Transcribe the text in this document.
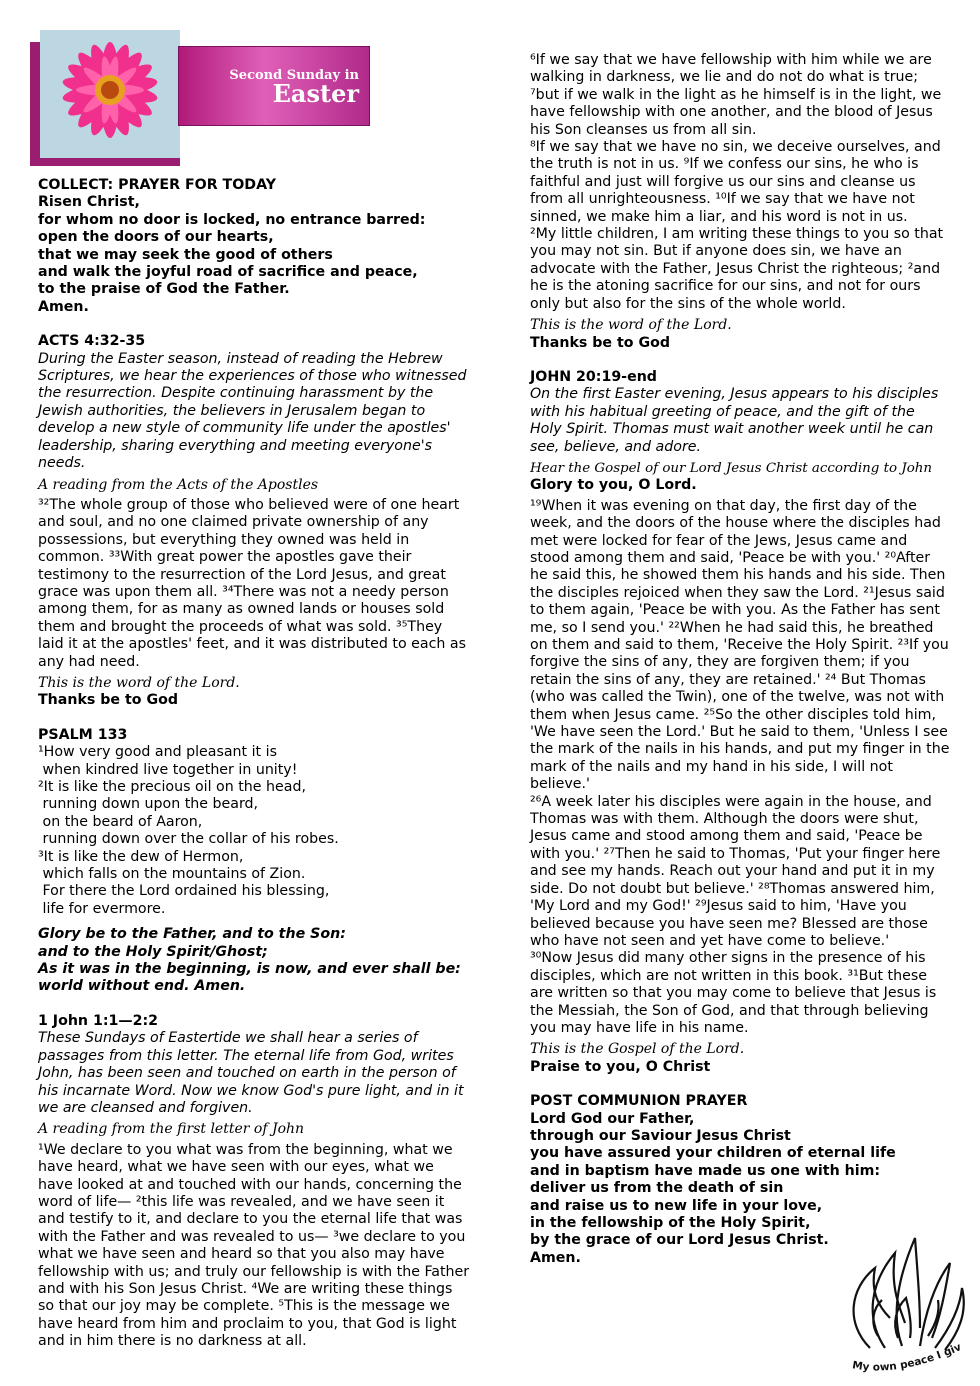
Second Sunday in
Easter
COLLECT: PRAYER FOR TODAY
Risen Christ,
for whom no door is locked, no entrance barred:
open the doors of our hearts,
that we may seek the good of others
and walk the joyful road of sacrifice and peace,
to the praise of God the Father.
Amen.
ACTS 4:32-35
During the Easter season, instead of reading the Hebrew Scriptures, we hear the experiences of those who witnessed the resurrection. Despite continuing harassment by the Jewish authorities, the believers in Jerusalem began to develop a new style of community life under the apostles' leadership, sharing everything and meeting everyone's needs.
A reading from the Acts of the Apostles
³²The whole group of those who believed were of one heart and soul, and no one claimed private ownership of any possessions, but everything they owned was held in common. ³³With great power the apostles gave their testimony to the resurrection of the Lord Jesus, and great grace was upon them all. ³⁴There was not a needy person among them, for as many as owned lands or houses sold them and brought the proceeds of what was sold. ³⁵They laid it at the apostles' feet, and it was distributed to each as any had need.
This is the word of the Lord.
Thanks be to God
PSALM 133
¹How very good and pleasant it is
when kindred live together in unity!
²It is like the precious oil on the head,
running down upon the beard,
on the beard of Aaron,
running down over the collar of his robes.
³It is like the dew of Hermon,
which falls on the mountains of Zion.
For there the Lord ordained his blessing,
life for evermore.
Glory be to the Father, and to the Son:
and to the Holy Spirit/Ghost;
As it was in the beginning, is now, and ever shall be:
world without end. Amen.
1 John 1:1—2:2
These Sundays of Eastertide we shall hear a series of passages from this letter. The eternal life from God, writes John, has been seen and touched on earth in the person of his incarnate Word. Now we know God's pure light, and in it we are cleansed and forgiven.
A reading from the first letter of John
¹We declare to you what was from the beginning, what we have heard, what we have seen with our eyes, what we have looked at and touched with our hands, concerning the word of life— ²this life was revealed, and we have seen it and testify to it, and declare to you the eternal life that was with the Father and was revealed to us— ³we declare to you what we have seen and heard so that you also may have fellowship with us; and truly our fellowship is with the Father and with his Son Jesus Christ. ⁴We are writing these things so that our joy may be complete. ⁵This is the message we have heard from him and proclaim to you, that God is light and in him there is no darkness at all.
⁶If we say that we have fellowship with him while we are walking in darkness, we lie and do not do what is true; ⁷but if we walk in the light as he himself is in the light, we have fellowship with one another, and the blood of Jesus his Son cleanses us from all sin.
⁸If we say that we have no sin, we deceive ourselves, and the truth is not in us. ⁹If we confess our sins, he who is faithful and just will forgive us our sins and cleanse us from all unrighteousness. ¹⁰If we say that we have not sinned, we make him a liar, and his word is not in us.
²My little children, I am writing these things to you so that you may not sin. But if anyone does sin, we have an advocate with the Father, Jesus Christ the righteous; ²and he is the atoning sacrifice for our sins, and not for ours only but also for the sins of the whole world.
This is the word of the Lord.
Thanks be to God
JOHN 20:19-end
On the first Easter evening, Jesus appears to his disciples with his habitual greeting of peace, and the gift of the Holy Spirit. Thomas must wait another week until he can see, believe, and adore.
Hear the Gospel of our Lord Jesus Christ according to John
Glory to you, O Lord.
¹⁹When it was evening on that day, the first day of the week, and the doors of the house where the disciples had met were locked for fear of the Jews, Jesus came and stood among them and said, 'Peace be with you.' ²⁰After he said this, he showed them his hands and his side. Then the disciples rejoiced when they saw the Lord. ²¹Jesus said to them again, 'Peace be with you. As the Father has sent me, so I send you.' ²²When he had said this, he breathed on them and said to them, 'Receive the Holy Spirit. ²³If you forgive the sins of any, they are forgiven them; if you retain the sins of any, they are retained.' ²⁴ But Thomas (who was called the Twin), one of the twelve, was not with them when Jesus came. ²⁵So the other disciples told him, 'We have seen the Lord.' But he said to them, 'Unless I see the mark of the nails in his hands, and put my finger in the mark of the nails and my hand in his side, I will not believe.'
²⁶A week later his disciples were again in the house, and Thomas was with them. Although the doors were shut, Jesus came and stood among them and said, 'Peace be with you.' ²⁷Then he said to Thomas, 'Put your finger here and see my hands. Reach out your hand and put it in my side. Do not doubt but believe.' ²⁸Thomas answered him, 'My Lord and my God!' ²⁹Jesus said to him, 'Have you believed because you have seen me? Blessed are those who have not seen and yet have come to believe.'
³⁰Now Jesus did many other signs in the presence of his disciples, which are not written in this book. ³¹But these are written so that you may come to believe that Jesus is the Messiah, the Son of God, and that through believing you may have life in his name.
This is the Gospel of the Lord.
Praise to you, O Christ
POST COMMUNION PRAYER
Lord God our Father,
through our Saviour Jesus Christ
you have assured your children of eternal life
and in baptism have made us one with him:
deliver us from the death of sin
and raise us to new life in your love,
in the fellowship of the Holy Spirit,
by the grace of our Lord Jesus Christ.
Amen.
My own peace I giv
